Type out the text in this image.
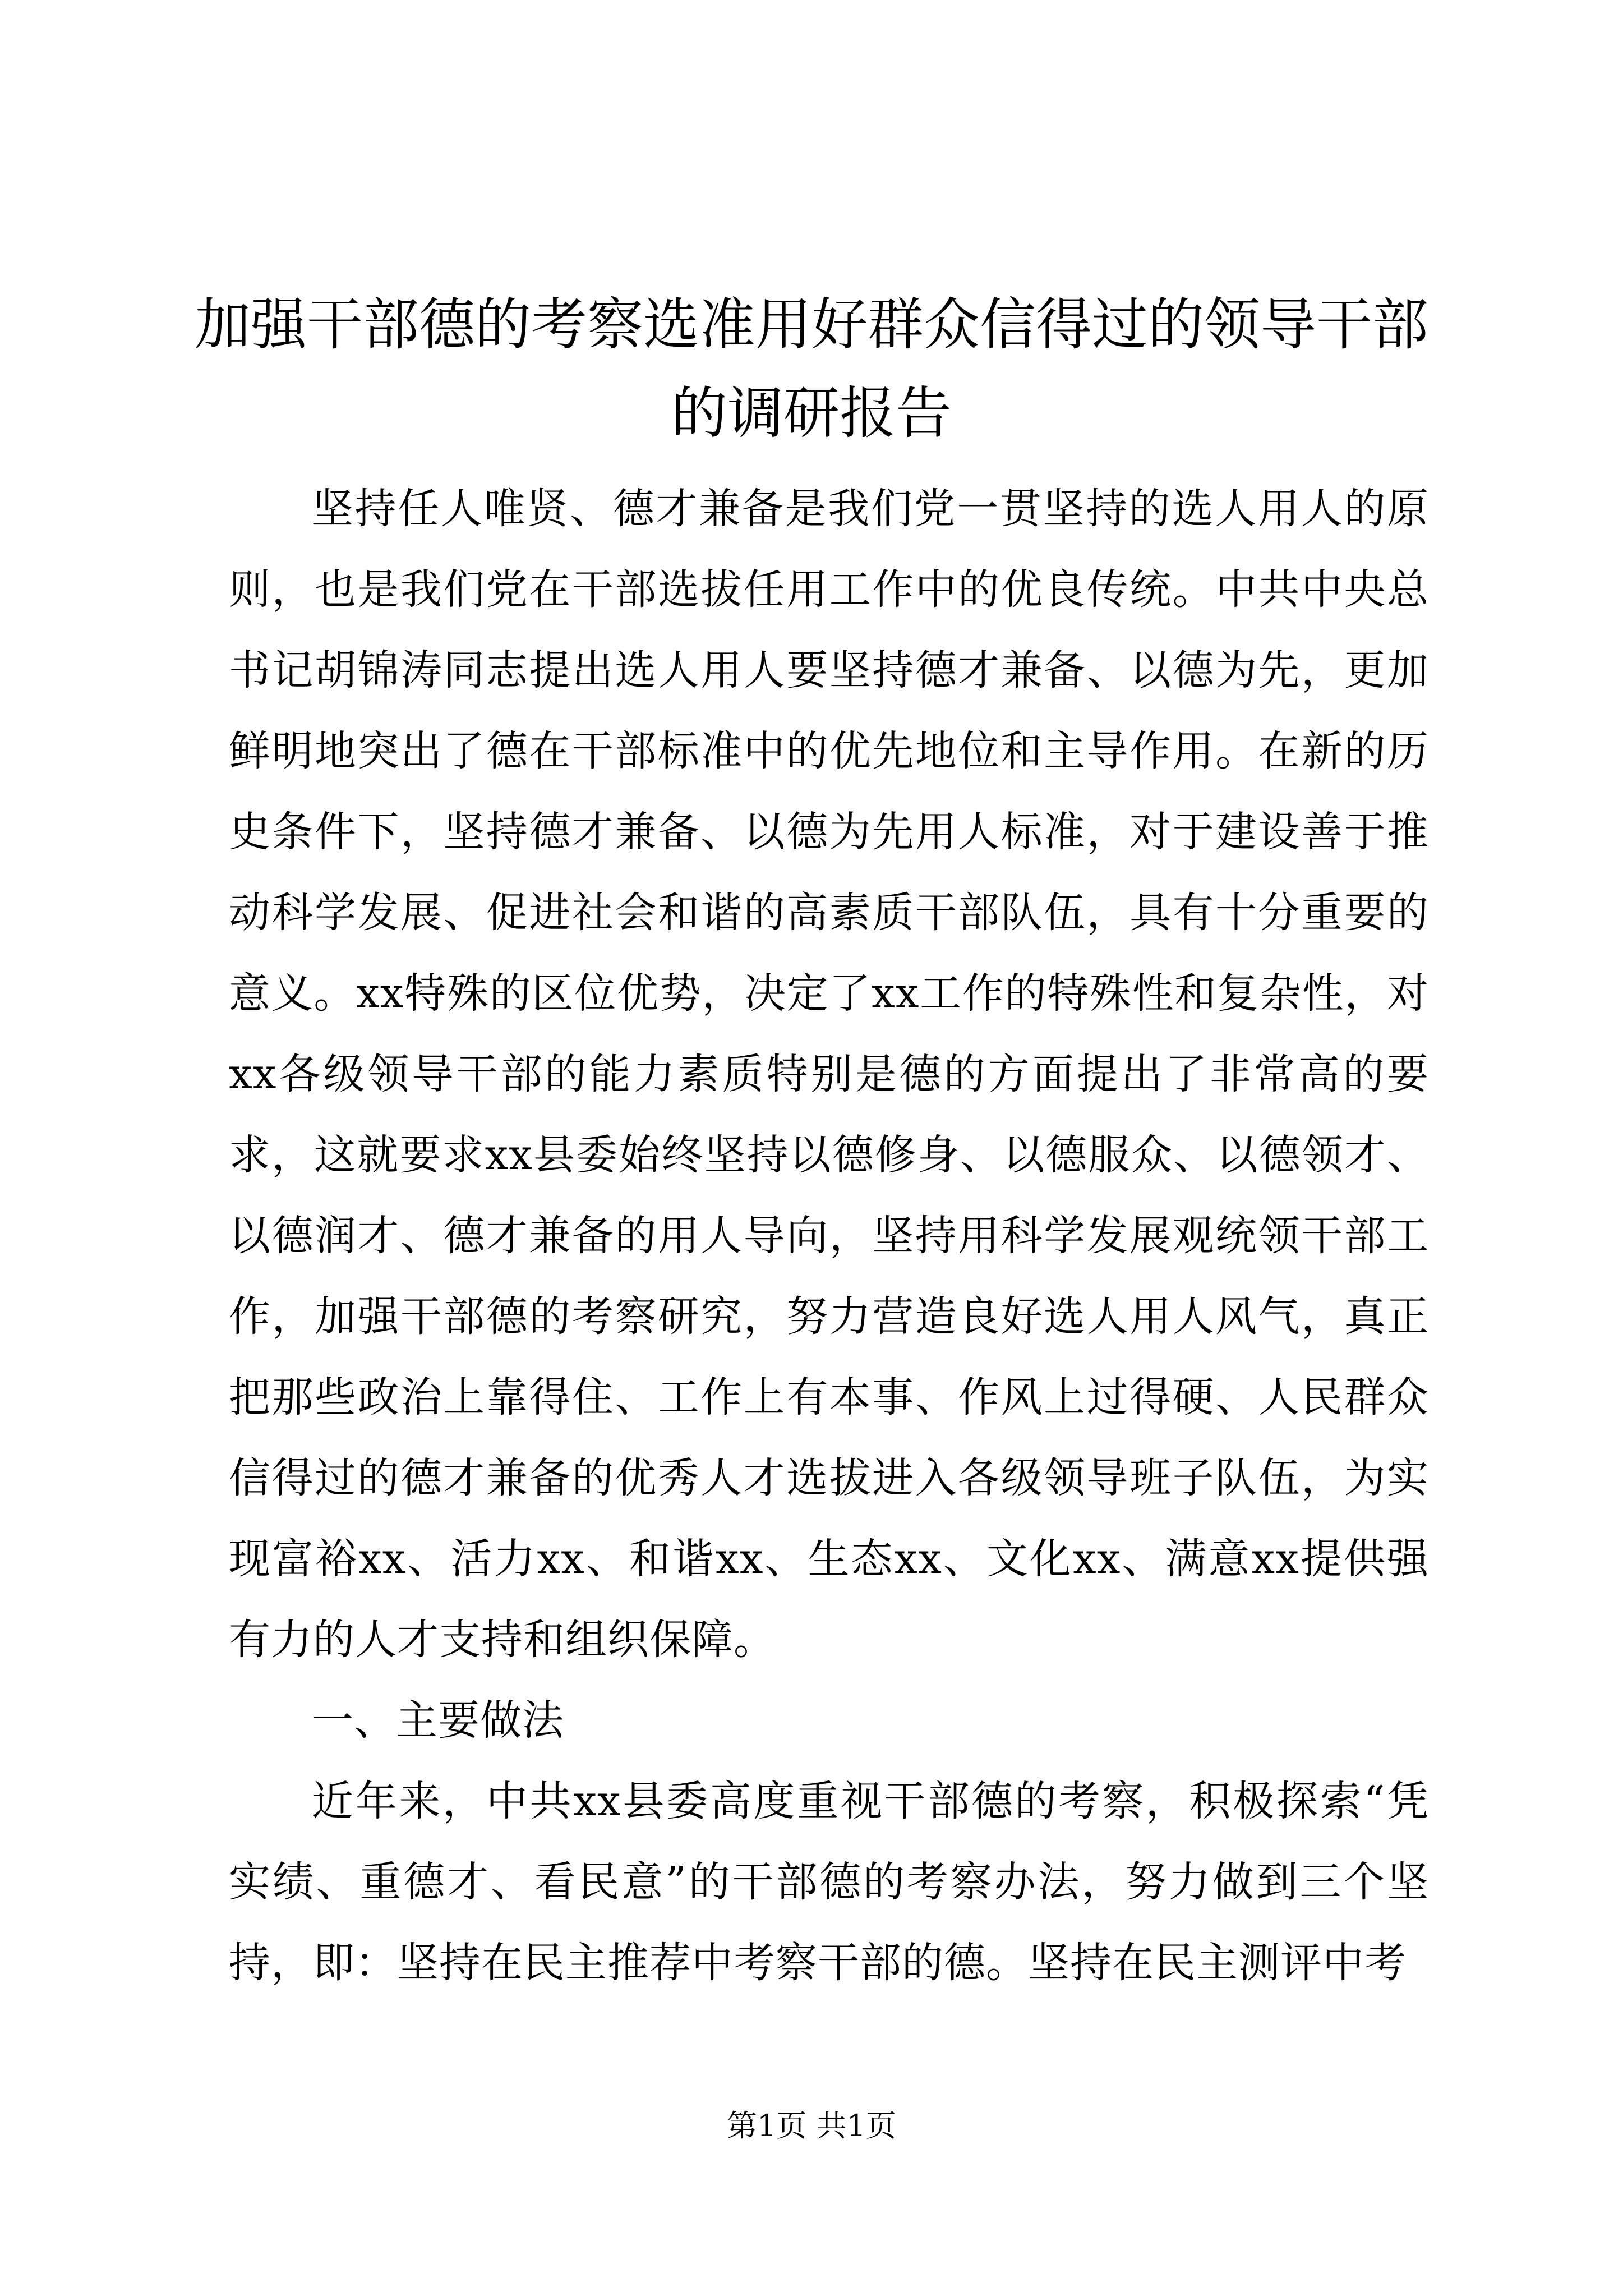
加强干部德的考察选准用好群众信得过的领导干部的调研报告

坚持任人唯贤、德才兼备是我们党一贯坚持的选人用人的原则，也是我们党在干部选拔任用工作中的优良传统。中共中央总书记胡锦涛同志提出选人用人要坚持德才兼备、以德为先，更加鲜明地突出了德在干部标准中的优先地位和主导作用。在新的历史条件下，坚持德才兼备、以德为先用人标准，对于建设善于推动科学发展、促进社会和谐的高素质干部队伍，具有十分重要的意义。xx特殊的区位优势，决定了xx工作的特殊性和复杂性，对xx各级领导干部的能力素质特别是德的方面提出了非常高的要求，这就要求xx县委始终坚持以德修身、以德服众、以德领才、以德润才、德才兼备的用人导向，坚持用科学发展观统领干部工作，加强干部德的考察研究，努力营造良好选人用人风气，真正把那些政治上靠得住、工作上有本事、作风上过得硬、人民群众信得过的德才兼备的优秀人才选拔进入各级领导班子队伍，为实现富裕xx、活力xx、和谐xx、生态xx、文化xx、满意xx提供强有力的人才支持和组织保障。

一、主要做法

近年来，中共xx县委高度重视干部德的考察，积极探索“凭实绩、重德才、看民意”的干部德的考察办法，努力做到三个坚持，即：坚持在民主推荐中考察干部的德。坚持在民主测评中考

第1页 共1页
